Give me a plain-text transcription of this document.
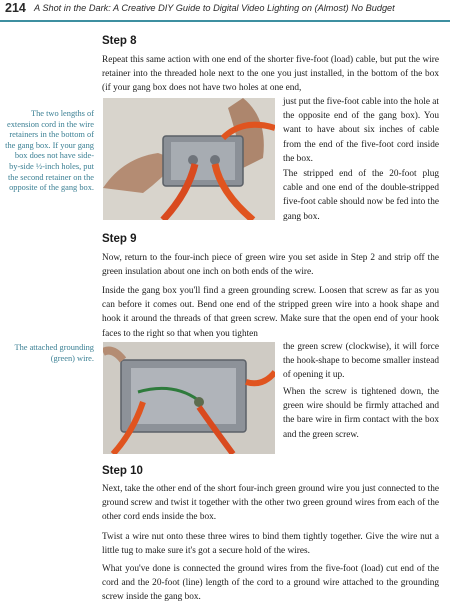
214 A Shot in the Dark: A Creative DIY Guide to Digital Video Lighting on (Almost) No Budget
Step 8

Repeat this same action with one end of the shorter five-foot (load) cable, but put the wire retainer into the threaded hole next to the one you just installed, in the bottom of the box (if your gang box does not have two holes at one end,

just put the five-foot cable into the hole at the opposite end of the gang box). You want to have about six inches of cable from the end of the five-foot cord inside the box.

The stripped end of the 20-foot plug cable and one end of the double-stripped five-foot cable should now be fed into the gang box.

The two lengths of extension cord in the wire retainers in the bottom of the gang box. If your gang box does not have side-by-side ½-inch holes, put the second retainer on the opposite of the gang box.

Step 9

Now, return to the four-inch piece of green wire you set aside in Step 2 and strip off the green insulation about one inch on both ends of the wire.

Inside the gang box you'll find a green grounding screw. Loosen that screw as far as you can before it comes out. Bend one end of the stripped green wire into a hook shape and hook it around the threads of that green screw. Make sure that the open end of your hook faces to the right so that when you tighten

the green screw (clockwise), it will force the hook-shape to become smaller instead of opening it up.

When the screw is tightened down, the green wire should be firmly attached and the bare wire in firm contact with the box and the green screw.

The attached grounding (green) wire.

Step 10

Next, take the other end of the short four-inch green ground wire you just connected to the ground screw and twist it together with the other two green ground wires from each of the other cord ends inside the box.

Twist a wire nut onto these three wires to bind them tightly together. Give the wire nut a little tug to make sure it's got a secure hold of the wires.

What you've done is connected the ground wires from the five-foot (load) cut end of the cord and the 20-foot (line) length of the cord to a ground wire attached to the grounding screw inside the gang box.
